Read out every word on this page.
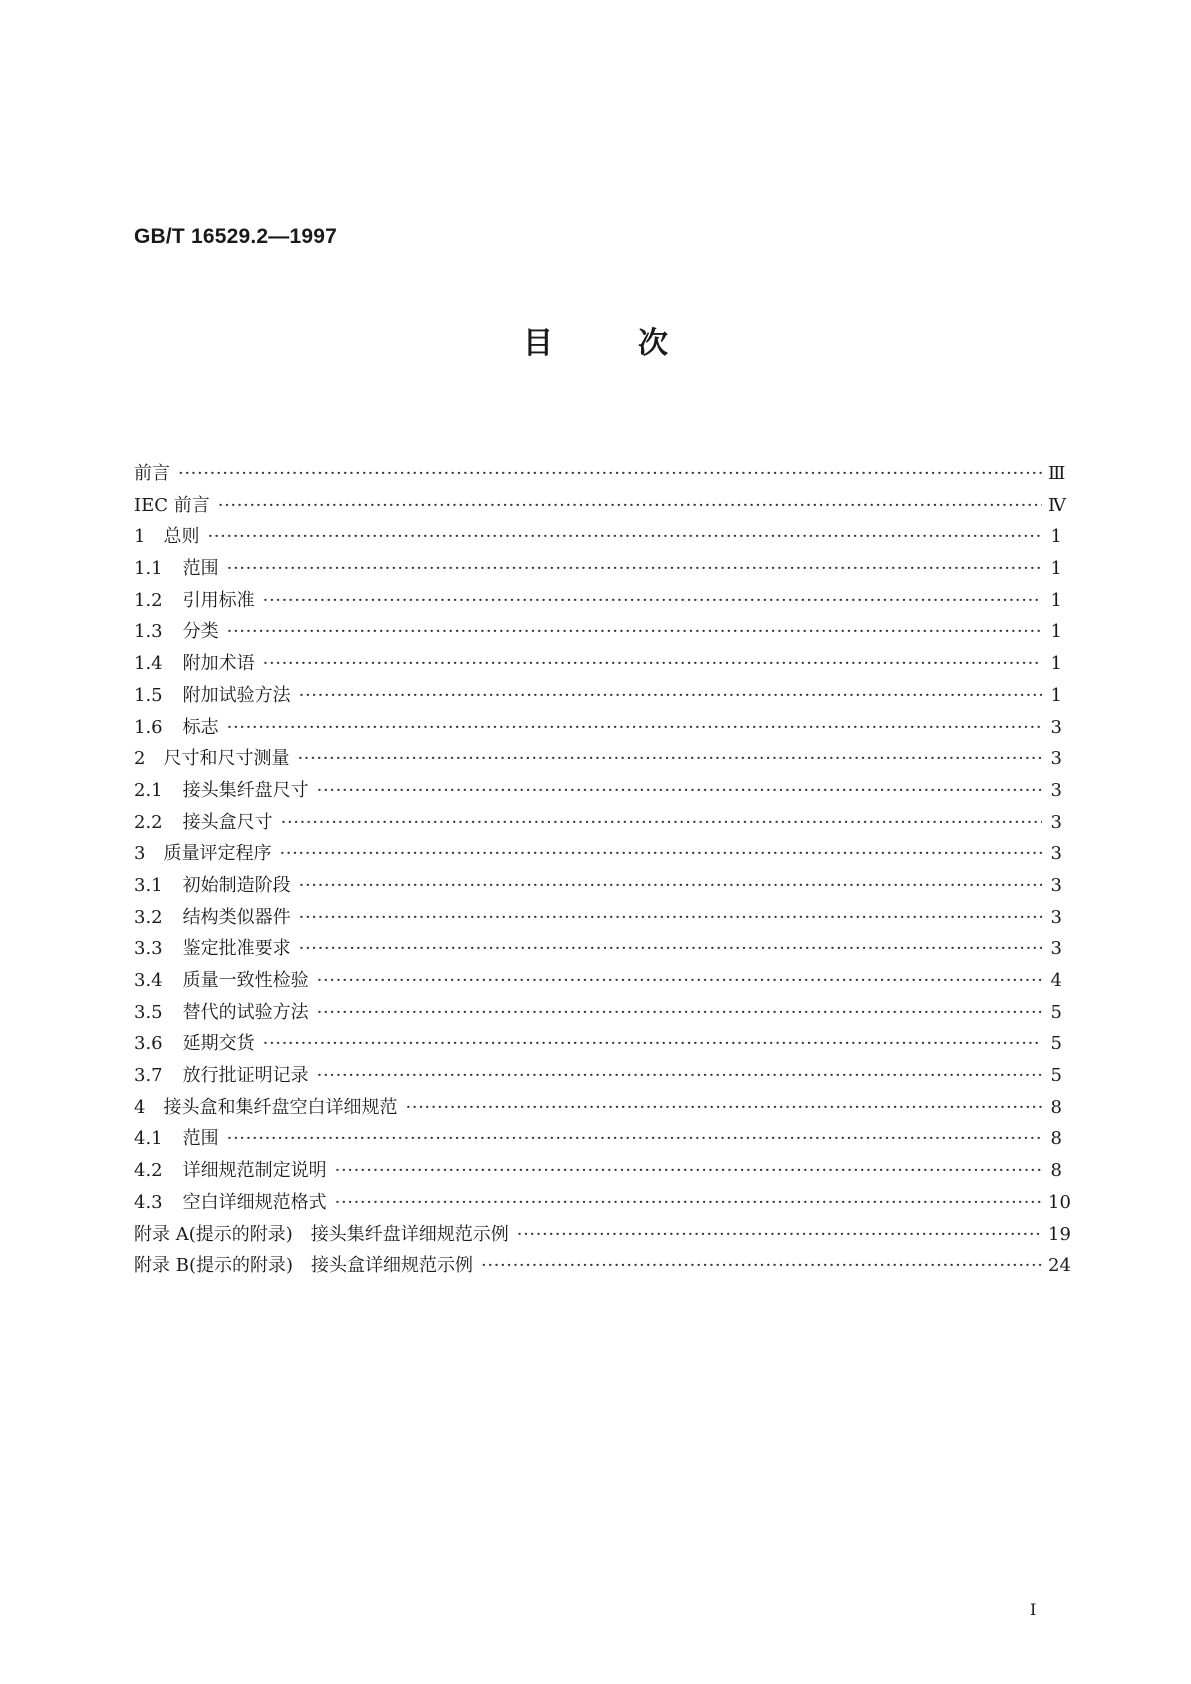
GB/T 16529.2—1997
目	次
前言 ·····	Ⅲ
IEC 前言 ·····	Ⅳ
1 总则 ·····	1
1.1 范围 ·····	1
1.2 引用标准 ·····	1
1.3 分类 ·····	1
1.4 附加术语 ·····	1
1.5 附加试验方法 ·····	1
1.6 标志 ·····	3
2 尺寸和尺寸测量 ·····	3
2.1 接头集纤盘尺寸 ·····	3
2.2 接头盒尺寸 ·····	3
3 质量评定程序 ·····	3
3.1 初始制造阶段 ·····	3
3.2 结构类似器件 ·····	3
3.3 鉴定批准要求 ·····	3
3.4 质量一致性检验 ·····	4
3.5 替代的试验方法 ·····	5
3.6 延期交货 ·····	5
3.7 放行批证明记录 ·····	5
4 接头盒和集纤盘空白详细规范 ·····	8
4.1 范围 ·····	8
4.2 详细规范制定说明 ·····	8
4.3 空白详细规范格式 ·····	10
附录 A(提示的附录)　接头集纤盘详细规范示例 ·····	19
附录 B(提示的附录)　接头盒详细规范示例 ·····	24
I
